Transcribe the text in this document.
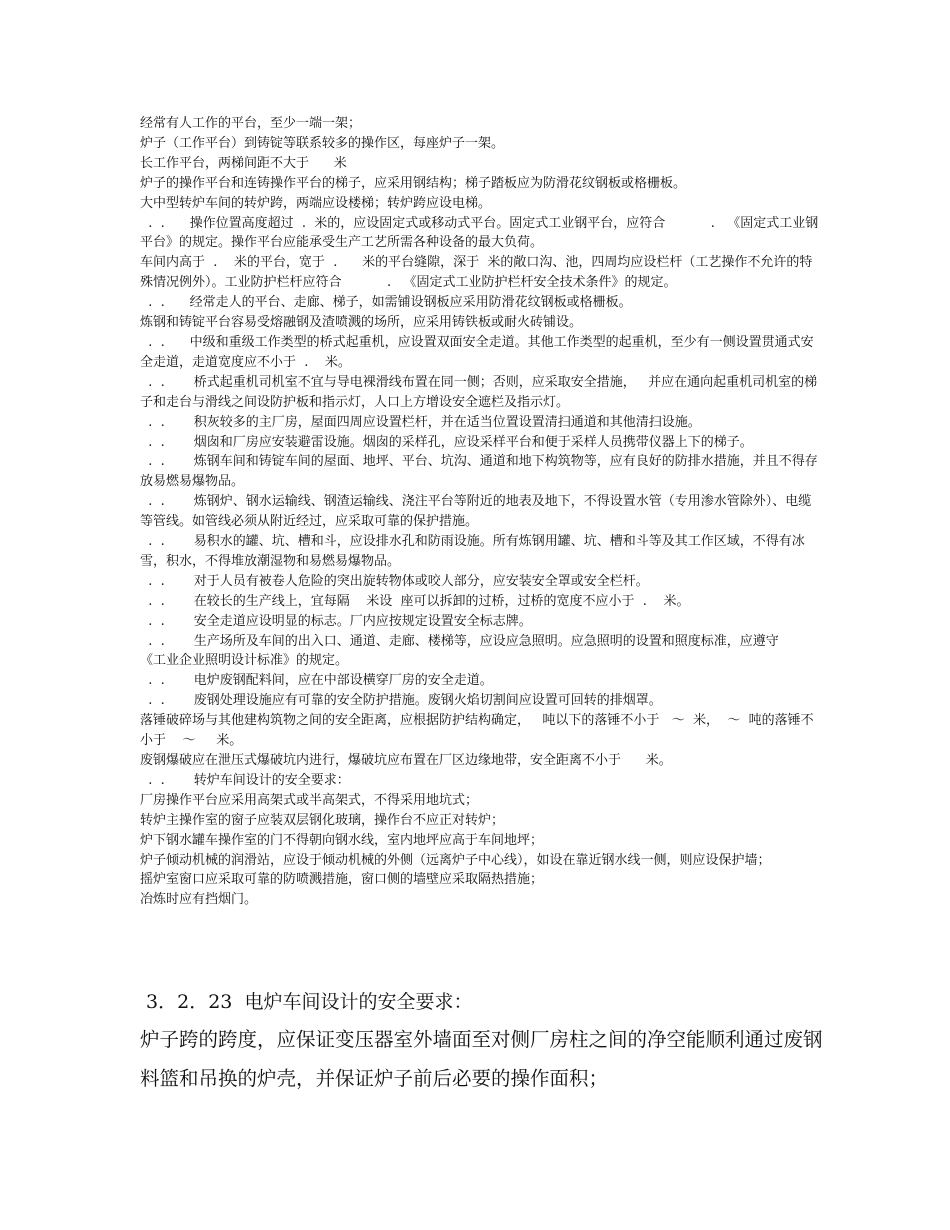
经常有人工作的平台，至少一端一架；

炉子（工作平台）到铸锭等联系较多的操作区，每座炉子一架。

长工作平台，两梯间距不大于      米

炉子的操作平台和连铸操作平台的梯子，应采用钢结构；梯子踏板应为防滑花纹钢板或格栅板。

大中型转炉车间的转炉跨，两端应设楼梯；转炉跨应设电梯。

.  .      操作位置高度超过  .  米的，应设固定式或移动式平台。固定式工业钢平台，应符合           .   《固定式工业钢平台》的规定。操作平台应能承受生产工艺所需各种设备的最大负荷。

车间内高于  .    米的平台，宽于  .      米的平台缝隙，深于  米的敞口沟、池，四周均应设栏杆（工艺操作不允许的特殊情况例外）。工业防护栏杆应符合           .   《固定式工业防护栏杆安全技术条件》的规定。

.  .      经常走人的平台、走廊、梯子，如需铺设钢板应采用防滑花纹钢板或格栅板。

炼钢和铸锭平台容易受熔融钢及渣喷溅的场所，应采用铸铁板或耐火砖铺设。

.  .      中级和重级工作类型的桥式起重机，应设置双面安全走道。其他工作类型的起重机，至少有一侧设置贯通式安全走道，走道宽度应不小于  .    米。

.  .       桥式起重机司机室不宜与导电裸滑线布置在同一侧；否则，应采取安全措施，   并应在通向起重机司机室的梯子和走台与滑线之间设防护板和指示灯，人口上方增设安全遮栏及指示灯。

.  .       积灰较多的主厂房，屋面四周应设置栏杆，并在适当位置设置清扫通道和其他清扫设施。

.  .       烟囱和厂房应安装避雷设施。烟囱的采样孔，应设采样平台和便于采样人员携带仪器上下的梯子。

.  .       炼钢车间和铸锭车间的屋面、地坪、平台、坑沟、通道和地下构筑物等，应有良好的防排水措施，并且不得存放易燃易爆物品。

.  .       炼钢炉、钢水运输线、钢渣运输线、浇注平台等附近的地表及地下，不得设置水管（专用渗水管除外）、电缆等管线。如管线必须从附近经过，应采取可靠的保护措施。

.  .       易积水的罐、坑、槽和斗，应设排水孔和防雨设施。所有炼钢用罐、坑、槽和斗等及其工作区域，不得有冰雪，积水，不得堆放潮湿物和易燃易爆物品。

.  .       对于人员有被卷人危险的突出旋转物体或咬人部分，应安装安全罩或安全栏杆。

.  .       在较长的生产线上，宜每隔    米设  座可以拆卸的过桥，过桥的宽度不应小于  .    米。

.  .       安全走道应设明显的标志。厂内应按规定设置安全标志牌。

.  .       生产场所及车间的出入口、通道、走廊、楼梯等，应设应急照明。应急照明的设置和照度标准，应遵守             《工业企业照明设计标准》的规定。

.  .       电炉废钢配料间，应在中部设横穿厂房的安全走道。

.  .       废钢处理设施应有可靠的安全防护措施。废钢火焰切割间应设置可回转的排烟罩。

落锤破碎场与其他建构筑物之间的安全距离，应根据防护结构确定，   吨以下的落锤不小于   ～  米，  ～  吨的落锤不小于    ～     米。

废钢爆破应在泄压式爆破坑内进行，爆破坑应布置在厂区边缘地带，安全距离不小于      米。

.  .       转炉车间设计的安全要求：

厂房操作平台应采用高架式或半高架式，不得采用地坑式；

转炉主操作室的窗子应装双层钢化玻璃，操作台不应正对转炉；

炉下钢水罐车操作室的门不得朝向钢水线，室内地坪应高于车间地坪；

炉子倾动机械的润滑站，应设于倾动机械的外侧（远离炉子中心线），如设在靠近钢水线一侧，则应设保护墙；

摇炉室窗口应采取可靠的防喷溅措施，窗口侧的墙壁应采取隔热措施；

冶炼时应有挡烟门。

3．2．23  电炉车间设计的安全要求：

炉子跨的跨度，应保证变压器室外墙面至对侧厂房柱之间的净空能顺利通过废钢料篮和吊换的炉壳，并保证炉子前后必要的操作面积；
